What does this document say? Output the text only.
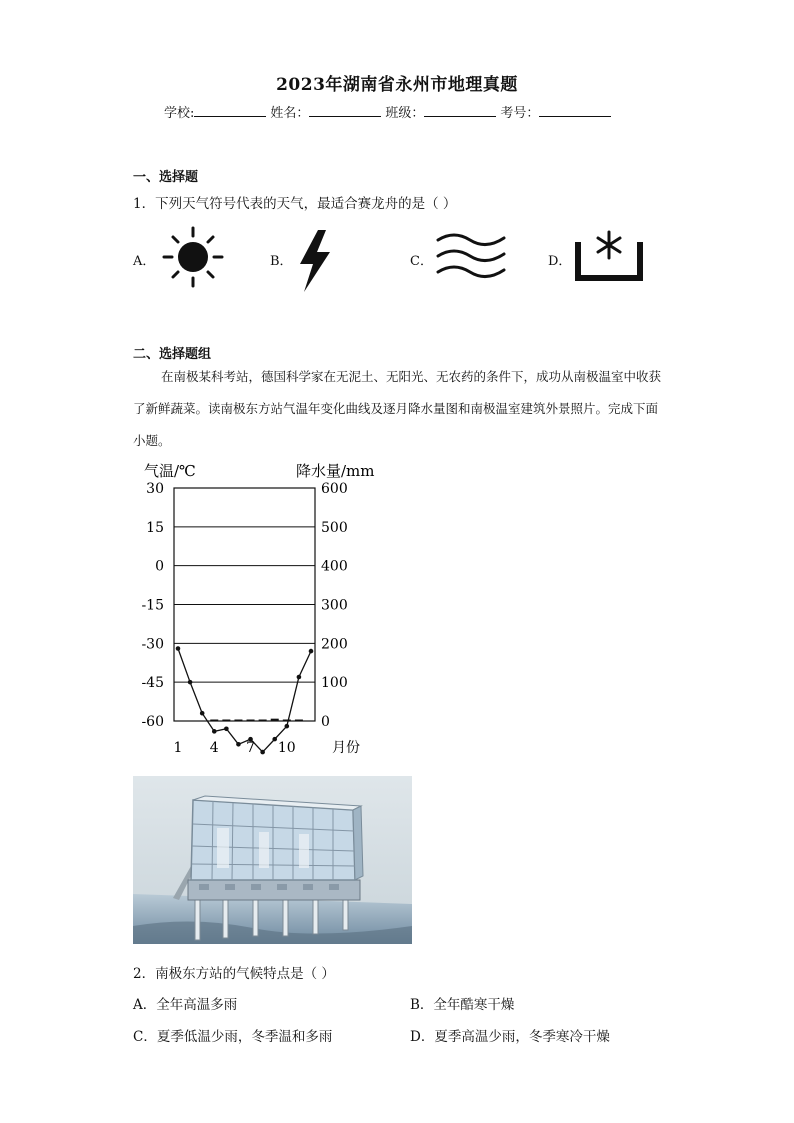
2023年湖南省永州市地理真题
学校:	姓名：	班级：	考号：
一、选择题
1．下列天气符号代表的天气，最适合赛龙舟的是（ ）
A．	B．	C．	D．
二、选择题组
在南极某科考站，德国科学家在无泥土、无阳光、无农药的条件下，成功从南极温室中收获了新鲜蔬菜。读南极东方站气温年变化曲线及逐月降水量图和南极温室建筑外景照片。完成下面小题。
气温/℃	降水量/mm
30
15
0
-15
-30
-45
-60
600
500
400
300
200
100
0
1 4 7 10	月份
2．南极东方站的气候特点是（ ）
A．全年高温多雨	B．全年酷寒干燥
C．夏季低温少雨，冬季温和多雨	D．夏季高温少雨，冬季寒冷干燥
